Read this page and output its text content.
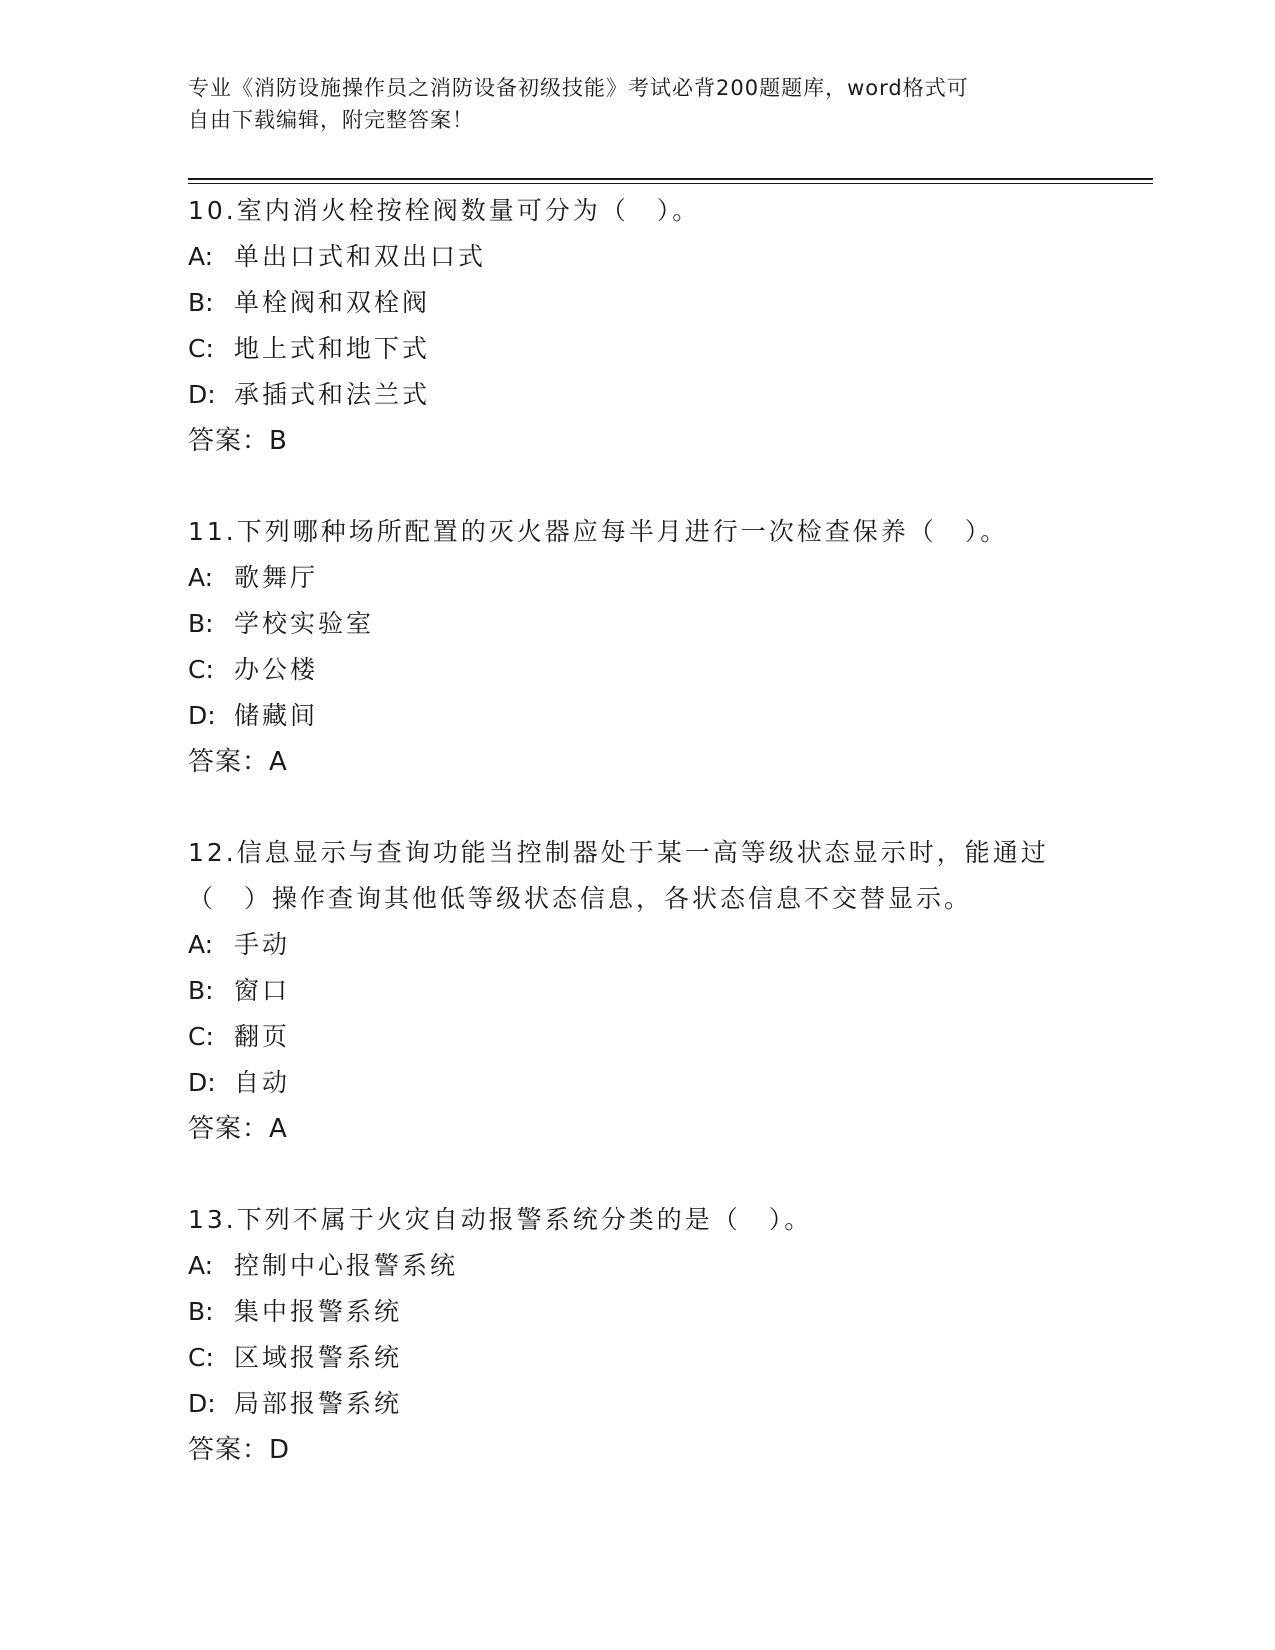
专业《消防设施操作员之消防设备初级技能》考试必背200题题库，word格式可
自由下载编辑，附完整答案！
10.室内消火栓按栓阀数量可分为（　）。
A: 单出口式和双出口式
B: 单栓阀和双栓阀
C: 地上式和地下式
D: 承插式和法兰式
答案：B
11.下列哪种场所配置的灭火器应每半月进行一次检查保养（　）。
A: 歌舞厅
B: 学校实验室
C: 办公楼
D: 储藏间
答案：A
12.信息显示与查询功能当控制器处于某一高等级状态显示时，能通过
（　）操作查询其他低等级状态信息，各状态信息不交替显示。
A: 手动
B: 窗口
C: 翻页
D: 自动
答案：A
13.下列不属于火灾自动报警系统分类的是（　）。
A: 控制中心报警系统
B: 集中报警系统
C: 区域报警系统
D: 局部报警系统
答案：D
